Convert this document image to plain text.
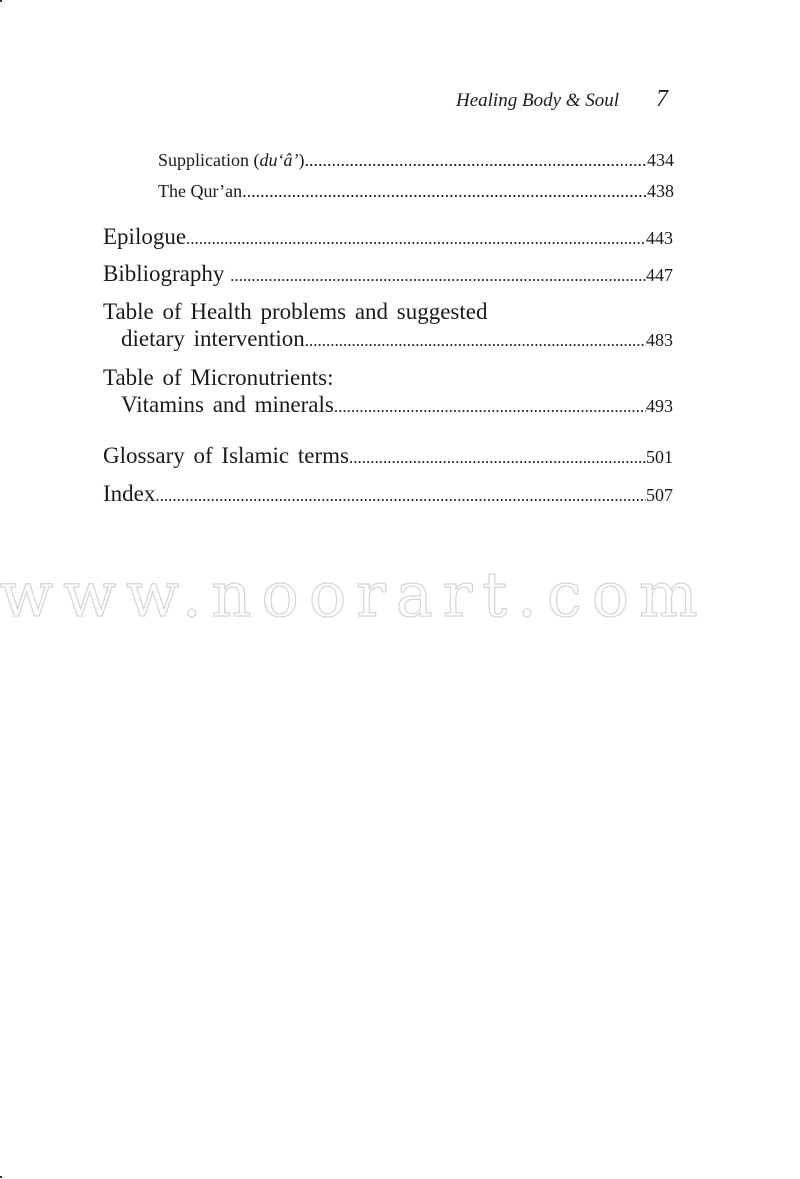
Healing Body & Soul 7
Supplication (du‘â’) .....	434
The Qur’an .....	438
Epilogue .....	443
Bibliography .....	447
Table of Health problems and suggested
dietary intervention .....	483
Table of Micronutrients:
Vitamins and minerals .....	493
Glossary of Islamic terms .....	501
Index .....	507
www.noorart.com
